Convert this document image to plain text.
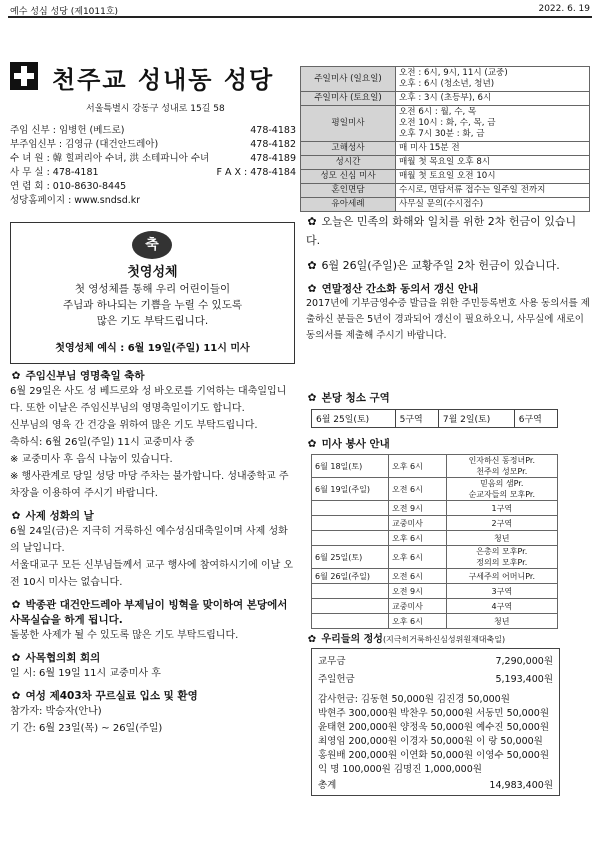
예수 성심 성당 (제1011호)	2022. 6. 19
천주교 성내동 성당
서울특별시 강동구 성내로 15길 58
주임 신부 : 임병헌 (베드로)	478-4183
부주임신부 : 김영규 (대건안드레아)	478-4182
수 녀 원 : 韓 힐퍼리아 수녀, 洪 소테파니아 수녀	478-4189
사 무 실 : 478-4181	F A X : 478-4184
연 렴 회 : 010-8630-8445
성당홈페이지 : www.sndsd.kr
주일미사 (일요일)	오전 : 6시, 9시, 11시 (교중)
오후 : 6시 (청소년, 청년)
주일미사 (토요일)	오후 : 3시 (초등부), 6시
평일미사	오전 6시 : 월, 수, 목
오전 10시 : 화, 수, 목, 금
오후 7시 30분 : 화, 금
고해성사	매 미사 15분 전
성시간	매월 첫 목요일 오후 8시
성모 신심 미사	매월 첫 토요일 오전 10시
혼인면담	수시로, 면담서류 접수는 일주일 전까지
유아세례	사무실 문의(수시접수)
축
첫영성체
첫 영성체를 통해 우리 어린이들이
주님과 하나되는 기쁨을 누릴 수 있도록
많은 기도 부탁드립니다.
첫영성체 예식 : 6월 19일(주일) 11시 미사
✿ 주임신부님 영명축일 축하
6월 29일은 사도 성 베드로와 성 바오로를 기억하는 대축일입니다. 또한 이날은 주임신부님의 영명축일이기도 합니다.
신부님의 영육 간 건강을 위하여 많은 기도 부탁드립니다.
축하식: 6월 26일(주일) 11시 교중미사 중
※ 교중미사 후 음식 나눔이 있습니다.
※ 행사관계로 당일 성당 마당 주차는 불가합니다. 성내중학교 주차장을 이용하여 주시기 바랍니다.
✿ 사제 성화의 날
6월 24일(금)은 지극히 거룩하신 예수성심대축일이며 사제 성화의 날입니다.
서울대교구 모든 신부님들께서 교구 행사에 참여하시기에 이날 오전 10시 미사는 없습니다.
✿ 박종관 대건안드레아 부제님이 빙혁을 맞이하여 본당에서 사목실습을 하게 됩니다.
돌봉한 사제가 될 수 있도록 많은 기도 부탁드립니다.
✿ 사목협의회 회의
일 시: 6월 19일 11시 교중미사 후
✿ 여성 제403차 꾸르실료 입소 및 환영
참가자: 박승자(안나)
기 간: 6월 23일(목) ~ 26일(주일)
✿ 오늘은 민족의 화해와 일치를 위한 2차 헌금이 있습니다.
✿ 6월 26일(주일)은 교황주일 2차 헌금이 있습니다.
✿ 연말정산 간소화 동의서 갱신 안내
2017년에 기부금영수증 발급을 위한 주민등록번호 사용 동의서를 제출하신 분들은 5년이 경과되어 갱신이 필요하오니, 사무실에 새로이 동의서를 제출해 주시기 바랍니다.
✿ 본당 청소 구역
6월 25일(토)	5구역	7월 2일(토)	6구역
✿ 미사 봉사 안내
6월 18일(토)	오후 6시	인자하신 동정녀Pr.
천주의 성모Pr.
6월 19일(주일)	오전 6시	믿음의 샘Pr.
순교자들의 모후Pr.
	오전 9시	1구역
	교중미사	2구역
	오후 6시	청년
6월 25일(토)	오후 6시	은총의 모후Pr.
정의의 모후Pr.
6월 26일(주일)	오전 6시	구세주의 어머니Pr.
	오전 9시	3구역
	교중미사	4구역
	오후 6시	청년
✿ 우리들의 정성(지극히거룩하신심성위원재대축일)
교무금	7,290,000원
주일헌금	5,193,400원
감사헌금: 김동현 50,000원 김진경 50,000원
박현주 300,000원 박찬우 50,000원 서동민 50,000원
윤태현 200,000원 양정욱 50,000원 예수진 50,000원
최영임 200,000원 이경자 50,000원 이 랑 50,000원
홍원배 200,000원 이연화 50,000원 이영수 50,000원
익 명 100,000원 김명진 1,000,000원
총계	14,983,400원
